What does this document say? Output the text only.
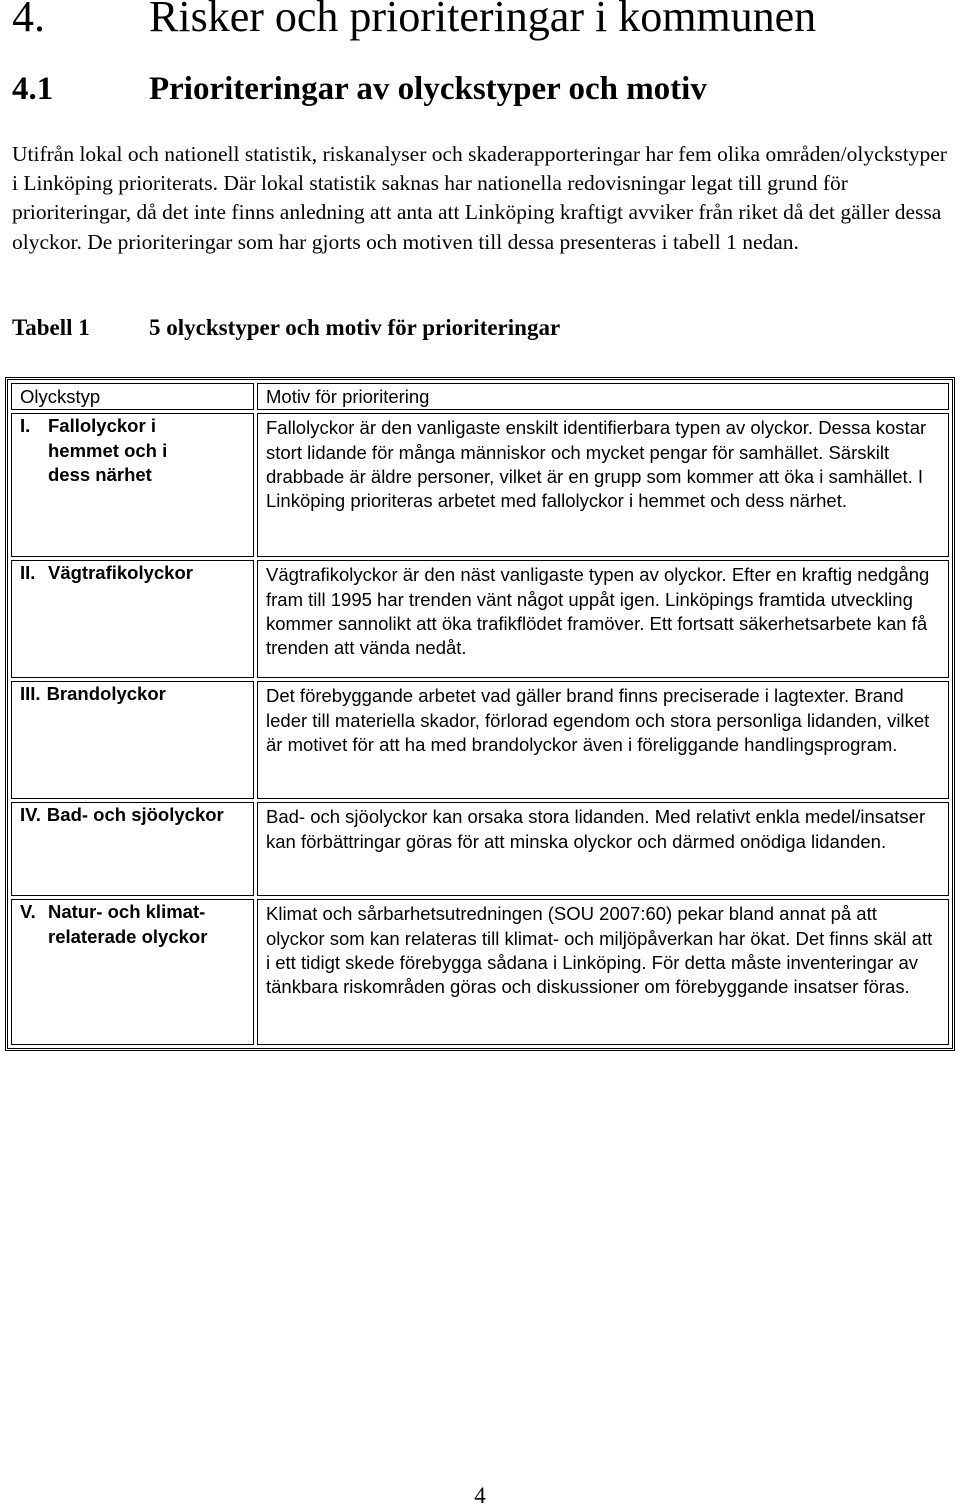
4. Risker och prioriteringar i kommunen
4.1	Prioriteringar av olyckstyper och motiv

Utifrån lokal och nationell statistik, riskanalyser och skaderapporteringar har fem olika områden/olyckstyper i Linköping prioriterats. Där lokal statistik saknas har nationella redovisningar legat till grund för prioriteringar, då det inte finns anledning att anta att Linköping kraftigt avviker från riket då det gäller dessa olyckor. De prioriteringar som har gjorts och motiven till dessa presenteras i tabell 1 nedan.

Tabell 1	5 olyckstyper och motiv för prioriteringar
Olyckstyp	Motiv för prioritering

I. Fallolyckor i hemmet och i dess närhet	Fallolyckor är den vanligaste enskilt identifierbara typen av olyckor. Dessa kostar stort lidande för många människor och mycket pengar för samhället. Särskilt drabbade är äldre personer, vilket är en grupp som kommer att öka i samhället. I Linköping prioriteras arbetet med fallolyckor i hemmet och dess närhet.

II. Vägtrafikolyckor	Vägtrafikolyckor är den näst vanligaste typen av olyckor. Efter en kraftig nedgång fram till 1995 har trenden vänt något uppåt igen. Linköpings framtida utveckling kommer sannolikt att öka trafikflödet framöver. Ett fortsatt säkerhetsarbete kan få trenden att vända nedåt.

III. Brandolyckor	Det förebyggande arbetet vad gäller brand finns preciserade i lagtexter. Brand leder till materiella skador, förlorad egendom och stora personliga lidanden, vilket är motivet för att ha med brandolyckor även i föreliggande handlingsprogram.

IV. Bad- och sjöolyckor	Bad- och sjöolyckor kan orsaka stora lidanden. Med relativt enkla medel/insatser kan förbättringar göras för att minska olyckor och därmed onödiga lidanden.

V. Natur- och klimat-relaterade olyckor	Klimat och sårbarhetsutredningen (SOU 2007:60) pekar bland annat på att olyckor som kan relateras till klimat- och miljöpåverkan har ökat. Det finns skäl att i ett tidigt skede förebygga sådana i Linköping. För detta måste inventeringar av tänkbara riskområden göras och diskussioner om förebyggande insatser föras.
4
